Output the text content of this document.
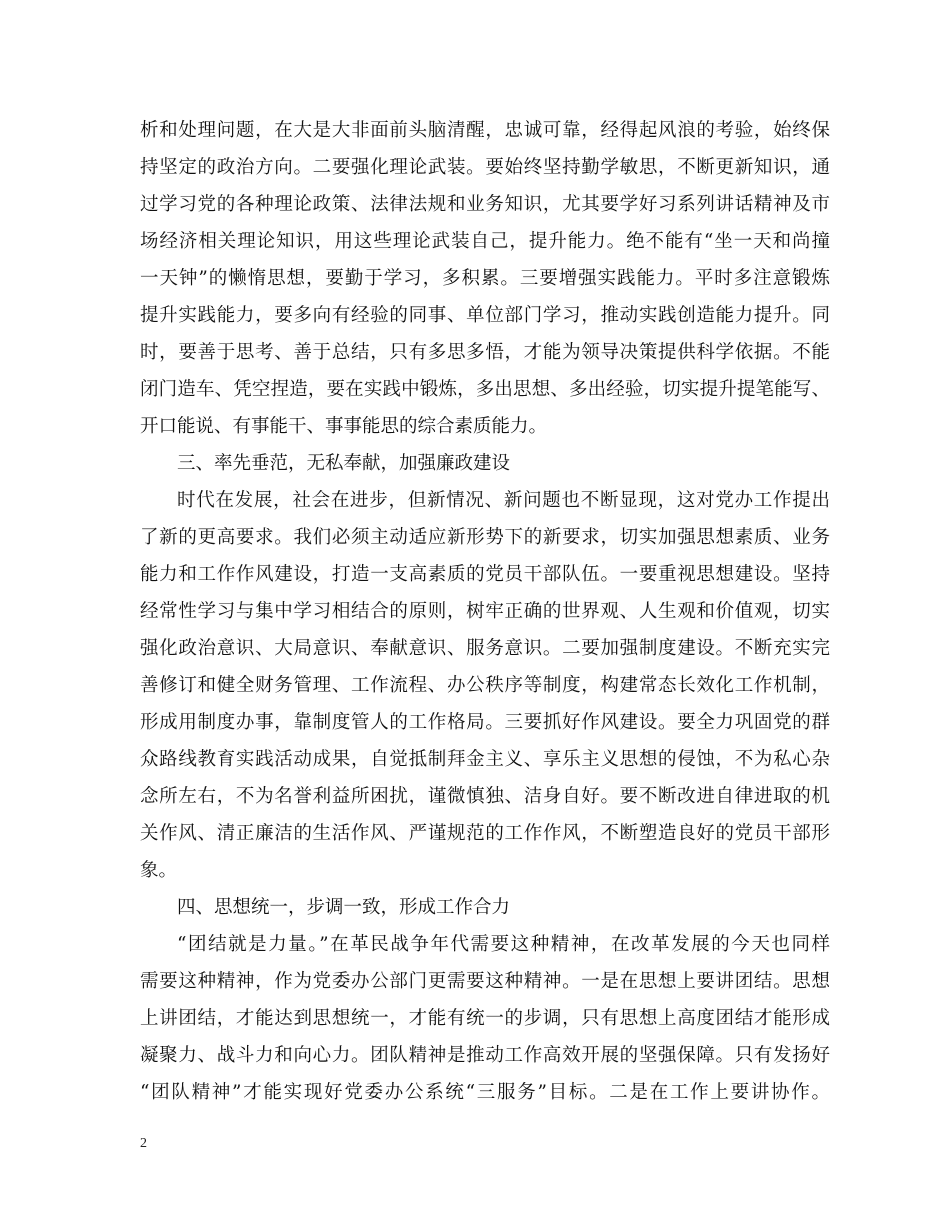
析和处理问题，在大是大非面前头脑清醒，忠诚可靠，经得起风浪的考验，始终保
持坚定的政治方向。二要强化理论武装。要始终坚持勤学敏思，不断更新知识，通
过学习党的各种理论政策、法律法规和业务知识，尤其要学好习系列讲话精神及市
场经济相关理论知识，用这些理论武装自己，提升能力。绝不能有“坐一天和尚撞
一天钟”的懒惰思想，要勤于学习，多积累。三要增强实践能力。平时多注意锻炼
提升实践能力，要多向有经验的同事、单位部门学习，推动实践创造能力提升。同
时，要善于思考、善于总结，只有多思多悟，才能为领导决策提供科学依据。不能
闭门造车、凭空捏造，要在实践中锻炼，多出思想、多出经验，切实提升提笔能写、
开口能说、有事能干、事事能思的综合素质能力。
三、率先垂范，无私奉献，加强廉政建设
时代在发展，社会在进步，但新情况、新问题也不断显现，这对党办工作提出
了新的更高要求。我们必须主动适应新形势下的新要求，切实加强思想素质、业务
能力和工作作风建设，打造一支高素质的党员干部队伍。一要重视思想建设。坚持
经常性学习与集中学习相结合的原则，树牢正确的世界观、人生观和价值观，切实
强化政治意识、大局意识、奉献意识、服务意识。二要加强制度建设。不断充实完
善修订和健全财务管理、工作流程、办公秩序等制度，构建常态长效化工作机制，
形成用制度办事，靠制度管人的工作格局。三要抓好作风建设。要全力巩固党的群
众路线教育实践活动成果，自觉抵制拜金主义、享乐主义思想的侵蚀，不为私心杂
念所左右，不为名誉利益所困扰，谨微慎独、洁身自好。要不断改进自律进取的机
关作风、清正廉洁的生活作风、严谨规范的工作作风，不断塑造良好的党员干部形
象。
四、思想统一，步调一致，形成工作合力
“团结就是力量。”在革民战争年代需要这种精神，在改革发展的今天也同样
需要这种精神，作为党委办公部门更需要这种精神。一是在思想上要讲团结。思想
上讲团结，才能达到思想统一，才能有统一的步调，只有思想上高度团结才能形成
凝聚力、战斗力和向心力。团队精神是推动工作高效开展的坚强保障。只有发扬好
“团队精神”才能实现好党委办公系统“三服务”目标。二是在工作上要讲协作。
2
